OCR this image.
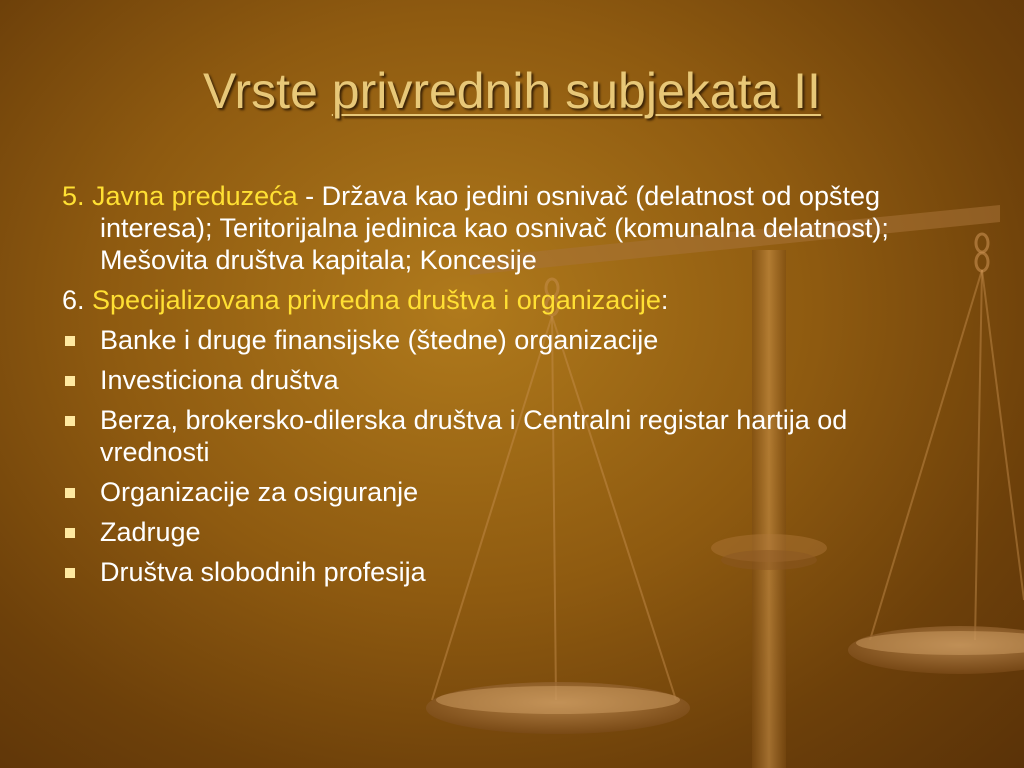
Vrste privrednih subjekata II

5. Javna preduzeća - Država kao jedini osnivač (delatnost od opšteg interesa); Teritorijalna jedinica kao osnivač (komunalna delatnost); Mešovita društva kapitala; Koncesije

6. Specijalizovana privredna društva i organizacije:

Banke i druge finansijske (štedne) organizacije
Investiciona društva
Berza, brokersko-dilerska društva i Centralni registar hartija od vrednosti
Organizacije za osiguranje
Zadruge
Društva slobodnih profesija
